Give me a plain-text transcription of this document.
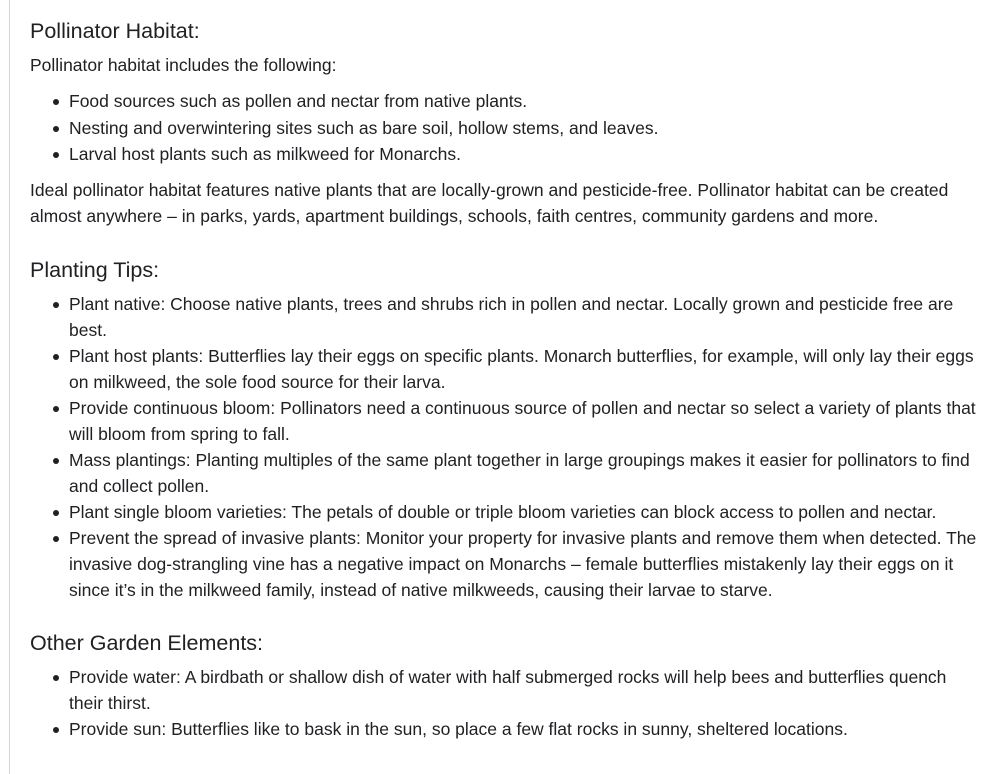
Pollinator Habitat:

Pollinator habitat includes the following:

Food sources such as pollen and nectar from native plants.
Nesting and overwintering sites such as bare soil, hollow stems, and leaves.
Larval host plants such as milkweed for Monarchs.

Ideal pollinator habitat features native plants that are locally-grown and pesticide-free. Pollinator habitat can be created almost anywhere – in parks, yards, apartment buildings, schools, faith centres, community gardens and more.

Planting Tips:
Plant native: Choose native plants, trees and shrubs rich in pollen and nectar. Locally grown and pesticide free are best.
Plant host plants: Butterflies lay their eggs on specific plants. Monarch butterflies, for example, will only lay their eggs on milkweed, the sole food source for their larva.
Provide continuous bloom: Pollinators need a continuous source of pollen and nectar so select a variety of plants that will bloom from spring to fall.
Mass plantings: Planting multiples of the same plant together in large groupings makes it easier for pollinators to find and collect pollen.
Plant single bloom varieties: The petals of double or triple bloom varieties can block access to pollen and nectar.
Prevent the spread of invasive plants: Monitor your property for invasive plants and remove them when detected. The invasive dog-strangling vine has a negative impact on Monarchs – female butterflies mistakenly lay their eggs on it since it’s in the milkweed family, instead of native milkweeds, causing their larvae to starve.
Other Garden Elements:
Provide water: A birdbath or shallow dish of water with half submerged rocks will help bees and butterflies quench their thirst.
Provide sun: Butterflies like to bask in the sun, so place a few flat rocks in sunny, sheltered locations.
